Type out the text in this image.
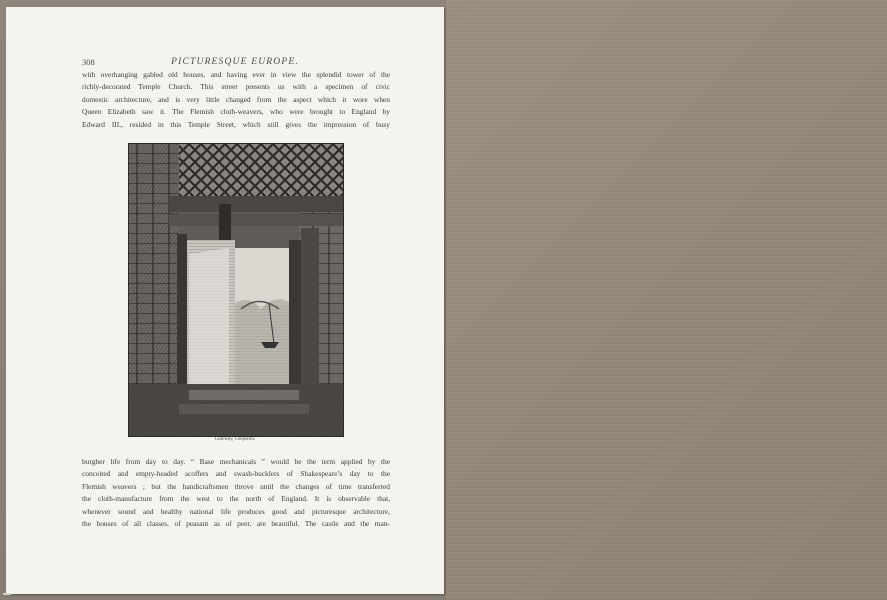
308	PICTURESQUE EUROPE.

with overhanging gabled old houses, and having ever in view the splendid tower of the
richly-decorated Temple Church. This street presents us with a specimen of civic
domestic architecture, and is very little changed from the aspect which it wore when
Queen Elizabeth saw it. The Flemish cloth-weavers, who were brought to England by
Edward III., resided in this Temple Street, which still gives the impression of busy

Gateway, Chepstow.

burgher life from day to day. “ Base mechanicals ” would be the term applied by the
conceited and empty-headed scoffers and swash-bucklers of Shakespeare’s day to the
Flemish weavers ; but the handicraftsmen throve until the changes of time transferred
the cloth-manufacture from the west to the north of England. It is observable that,
whenever sound and healthy national life produces good and picturesque architecture,
the houses of all classes, of peasant as of peer, are beautiful. The castle and the man-
